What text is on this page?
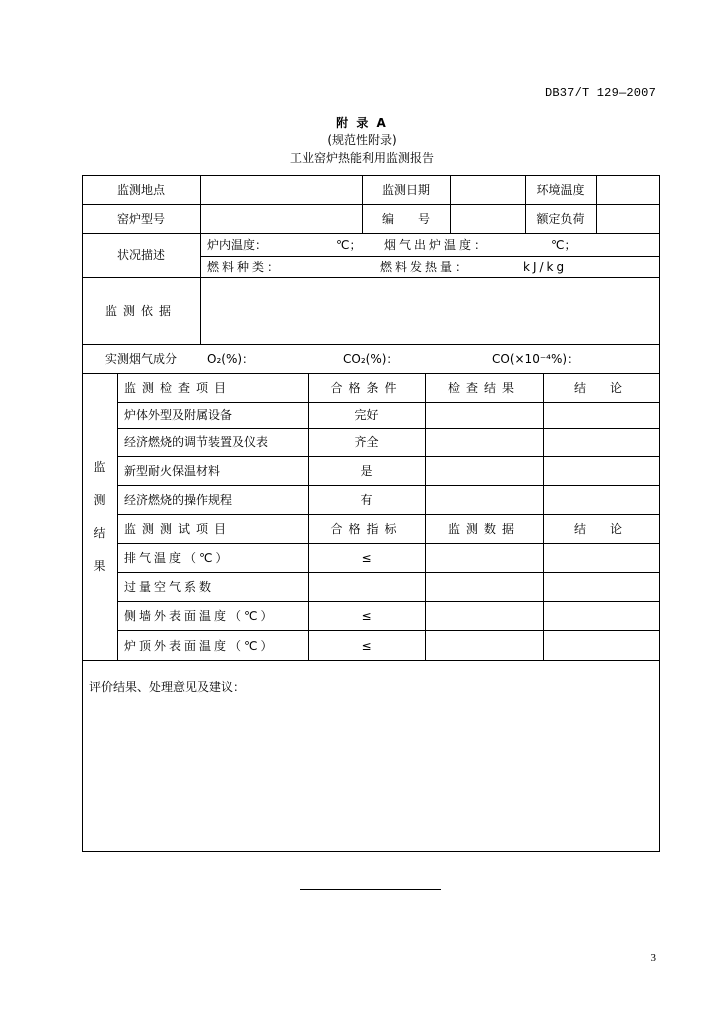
DB37/T 129—2007
附 录 A
(规范性附录)
工业窑炉热能利用监测报告
监测地点	监测日期	环境温度
窑炉型号	编　　号	额定负荷
状况描述
炉内温度：	℃； 烟气出炉温度：	℃；
燃料种类：	燃料发热量：	kJ/kg
监测依据
实测烟气成分	O₂(%)：	CO₂(%)：	CO(×10⁻⁴%)：
监
测
结
果
监测检查项目	合格条件	检查结果	结　论
炉体外型及附属设备	完好
经济燃烧的调节装置及仪表	齐全
新型耐火保温材料	是
经济燃烧的操作规程	有
监测测试项目	合格指标	监测数据	结　论
排气温度（℃）	≤
过量空气系数
侧墙外表面温度（℃）	≤
炉顶外表面温度（℃）	≤
评价结果、处理意见及建议：
3
